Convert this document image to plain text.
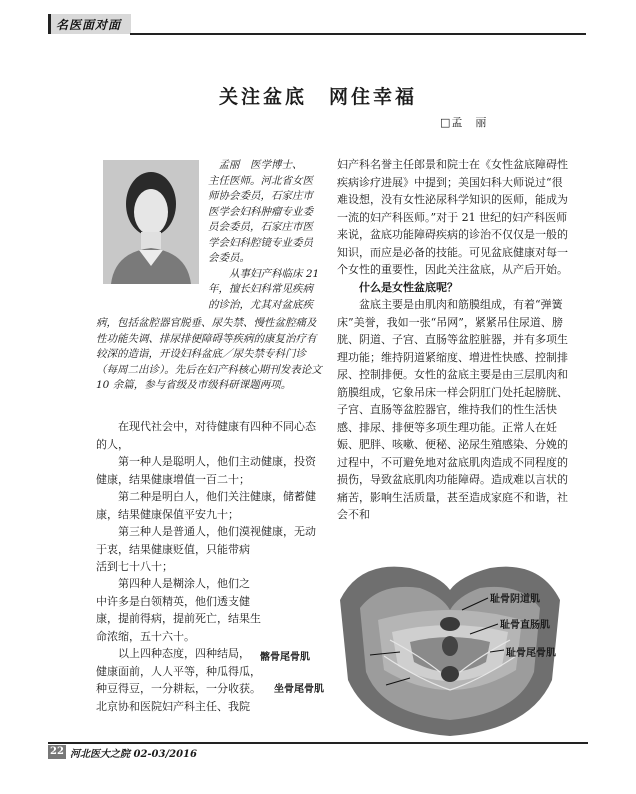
名医面对面
关注盆底　网住幸福
□孟　丽
孟丽　医学博士、
主任医师。河北省女医
师协会委员，石家庄市
医学会妇科肿瘤专业委
员会委员，石家庄市医
学会妇科腔镜专业委员
会委员。
从事妇产科临床 21
年，擅长妇科常见疾病
的诊治，尤其对盆底疾
病，包括盆腔器官脱垂、尿失禁、慢性盆腔痛及性功能失调、排尿排便障碍等疾病的康复治疗有较深的造诣，开设妇科盆底／尿失禁专科门诊（每周二出诊）。先后在妇产科核心期刊发表论文 10 余篇，参与省级及市级科研课题两项。
在现代社会中，对待健康有四种不同心态的人，
第一种人是聪明人，他们主动健康，投资健康，结果健康增值一百二十；
第二种是明白人，他们关注健康，储蓄健康，结果健康保值平安九十；
第三种人是普通人，他们漠视健康，无动于衷，结果健康贬值，只能带病
活到七十八十；
第四种人是糊涂人，他们之
中许多是白领精英，他们透支健
康，提前得病，提前死亡，结果生
命浓缩，五十六十。
以上四种态度，四种结局，
健康面前，人人平等，种瓜得瓜，
种豆得豆，一分耕耘，一分收获。
北京协和医院妇产科主任、我院
妇产科名誉主任郎景和院士在《女性盆底障碍性疾病诊疗进展》中提到；美国妇科大师说过“很难设想，没有女性泌尿科学知识的医师，能成为一流的妇产科医师。”对于 21 世纪的妇产科医师来说，盆底功能障碍疾病的诊治不仅仅是一般的知识，而应是必备的技能。可见盆底健康对每一个女性的重要性，因此关注盆底，从产后开始。
什么是女性盆底呢？
盆底主要是由肌肉和筋膜组成，有着“弹簧床”美誉，我如一张“吊网”，紧紧吊住尿道、膀胱、阴道、子宫、直肠等盆腔脏器，并有多项生理功能；维持阴道紧缩度、增进性快感、控制排尿、控制排便。女性的盆底主要是由三层肌肉和筋膜组成，它象吊床一样会阴肛门处托起膀胱、子宫、直肠等盆腔器官，维持我们的性生活快感、排尿、排便等多项生理功能。正常人在妊娠、肥胖、咳嗽、便秘、泌尿生殖感染、分娩的过程中，不可避免地对盆底肌肉造成不同程度的损伤，导致盆底肌肉功能障碍。造成难以言状的痛苦，影响生活质量，甚至造成家庭不和谐，社会不和
耻骨阴道肌
耻骨直肠肌
耻骨尾骨肌
髂骨尾骨肌
坐骨尾骨肌
22 河北医大之院 02-03/2016
